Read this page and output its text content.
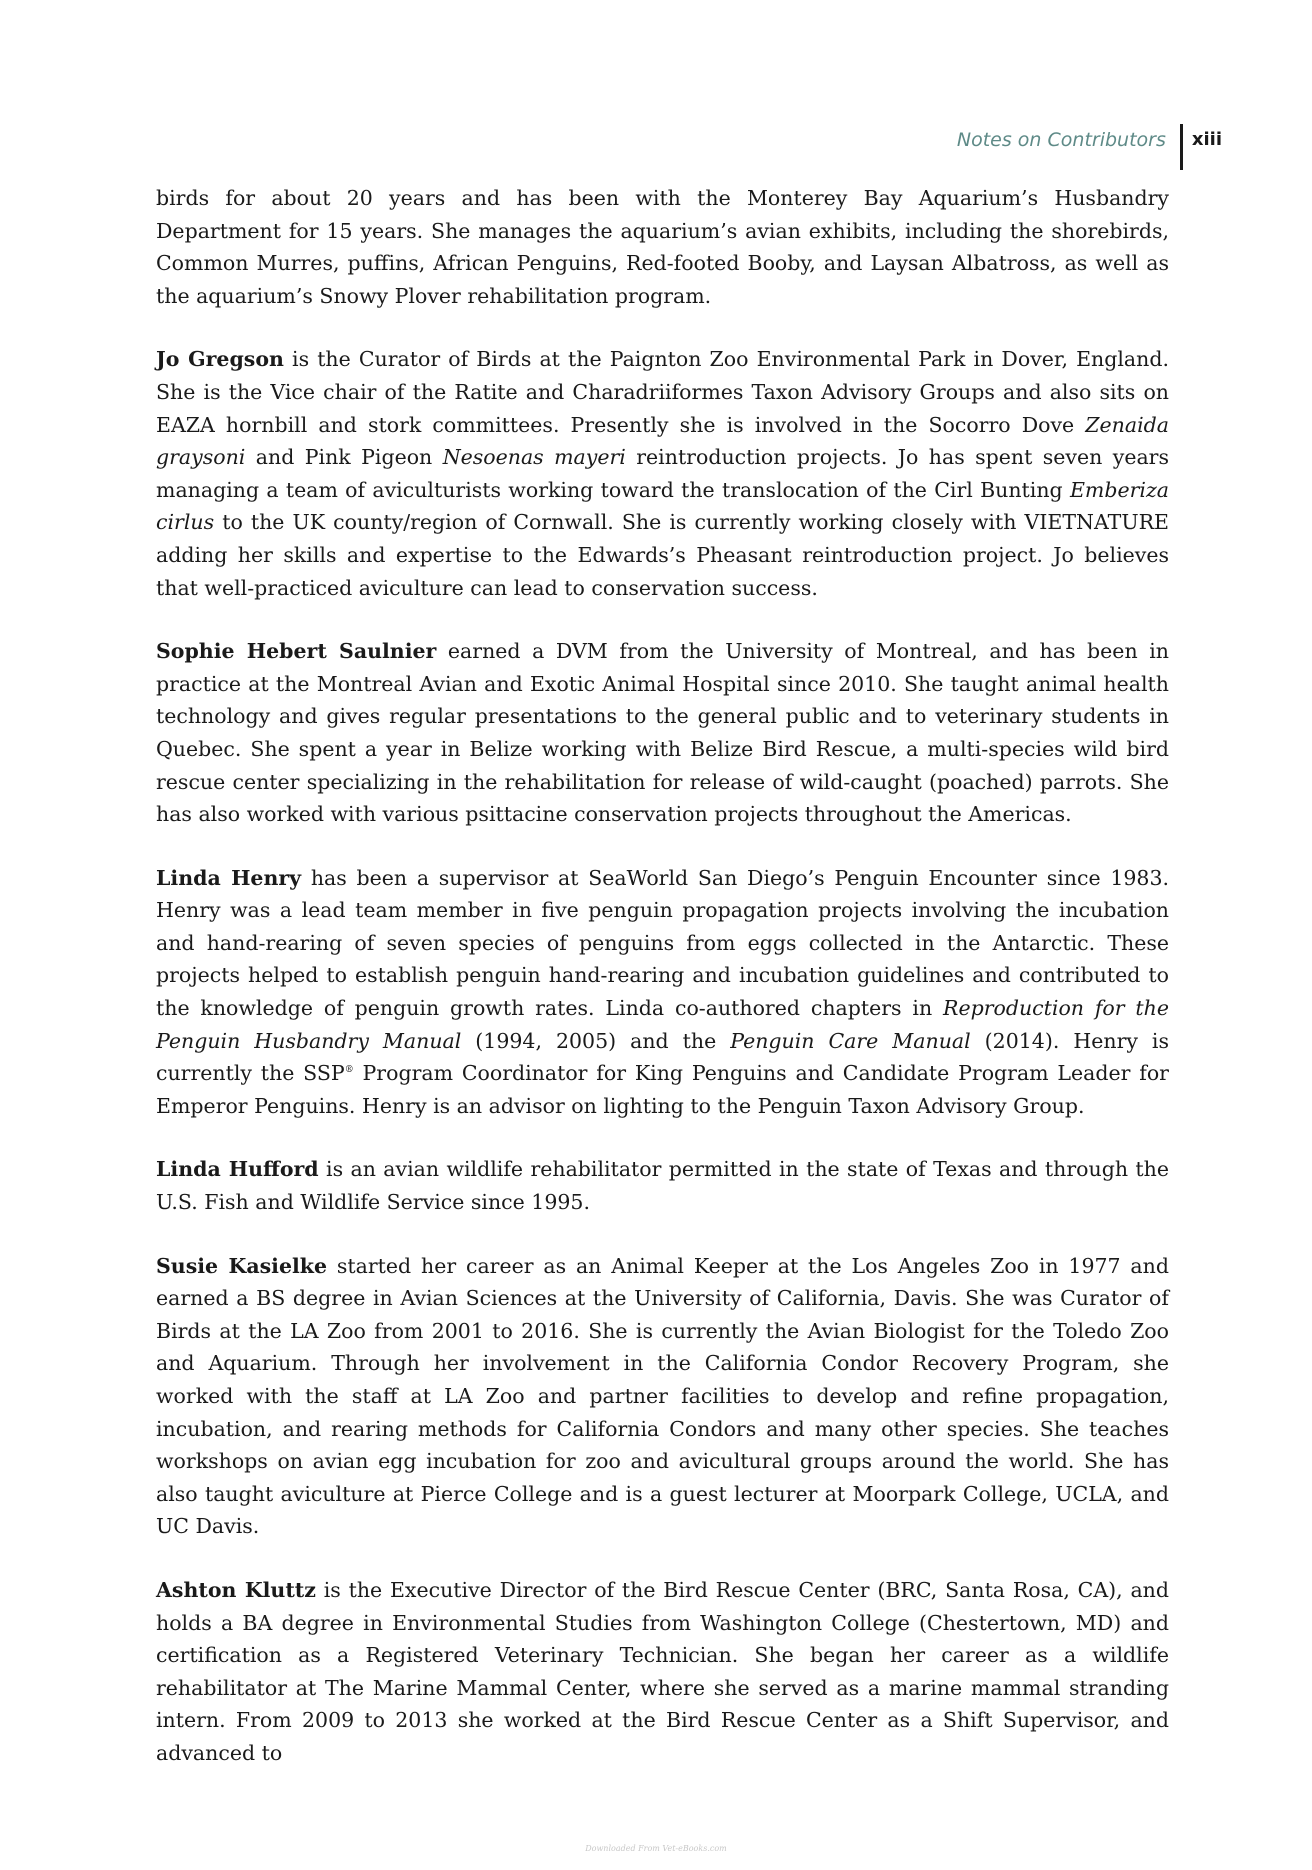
Notes on Contributors	xiii

birds for about 20 years and has been with the Monterey Bay Aquarium’s Husbandry Department for 15 years. She manages the aquarium’s avian exhibits, including the shorebirds, Common Murres, puffins, African Penguins, Red-footed Booby, and Laysan Albatross, as well as the aquarium’s Snowy Plover rehabilitation program.

Jo Gregson is the Curator of Birds at the Paignton Zoo Environmental Park in Dover, England. She is the Vice chair of the Ratite and Charadriiformes Taxon Advisory Groups and also sits on EAZA hornbill and stork committees. Presently she is involved in the Socorro Dove Zenaida graysoni and Pink Pigeon Nesoenas mayeri reintroduction projects. Jo has spent seven years managing a team of aviculturists working toward the translocation of the Cirl Bunting Emberiza cirlus to the UK county/region of Cornwall. She is currently working closely with VIETNATURE adding her skills and expertise to the Edwards’s Pheasant reintroduction project. Jo believes that well-practiced aviculture can lead to conservation success.

Sophie Hebert Saulnier earned a DVM from the University of Montreal, and has been in practice at the Montreal Avian and Exotic Animal Hospital since 2010. She taught animal health technology and gives regular presentations to the general public and to veterinary students in Quebec. She spent a year in Belize working with Belize Bird Rescue, a multi-species wild bird rescue center specializing in the rehabilitation for release of wild-caught (poached) parrots. She has also worked with various psittacine conservation projects throughout the Americas.

Linda Henry has been a supervisor at SeaWorld San Diego’s Penguin Encounter since 1983. Henry was a lead team member in five penguin propagation projects involving the incubation and hand-rearing of seven species of penguins from eggs collected in the Antarctic. These projects helped to establish penguin hand-rearing and incubation guidelines and contributed to the knowledge of penguin growth rates. Linda co-authored chapters in Reproduction for the Penguin Husbandry Manual (1994, 2005) and the Penguin Care Manual (2014). Henry is currently the SSP® Program Coordinator for King Penguins and Candidate Program Leader for Emperor Penguins. Henry is an advisor on lighting to the Penguin Taxon Advisory Group.

Linda Hufford is an avian wildlife rehabilitator permitted in the state of Texas and through the U.S. Fish and Wildlife Service since 1995.

Susie Kasielke started her career as an Animal Keeper at the Los Angeles Zoo in 1977 and earned a BS degree in Avian Sciences at the University of California, Davis. She was Curator of Birds at the LA Zoo from 2001 to 2016. She is currently the Avian Biologist for the Toledo Zoo and Aquarium. Through her involvement in the California Condor Recovery Program, she worked with the staff at LA Zoo and partner facilities to develop and refine propagation, incubation, and rearing methods for California Condors and many other species. She teaches workshops on avian egg incubation for zoo and avicultural groups around the world. She has also taught aviculture at Pierce College and is a guest lecturer at Moorpark College, UCLA, and UC Davis.

Ashton Kluttz is the Executive Director of the Bird Rescue Center (BRC, Santa Rosa, CA), and holds a BA degree in Environmental Studies from Washington College (Chestertown, MD) and certification as a Registered Veterinary Technician. She began her career as a wildlife rehabilitator at The Marine Mammal Center, where she served as a marine mammal stranding intern. From 2009 to 2013 she worked at the Bird Rescue Center as a Shift Supervisor, and advanced to

Downloaded From Vet-eBooks.com
